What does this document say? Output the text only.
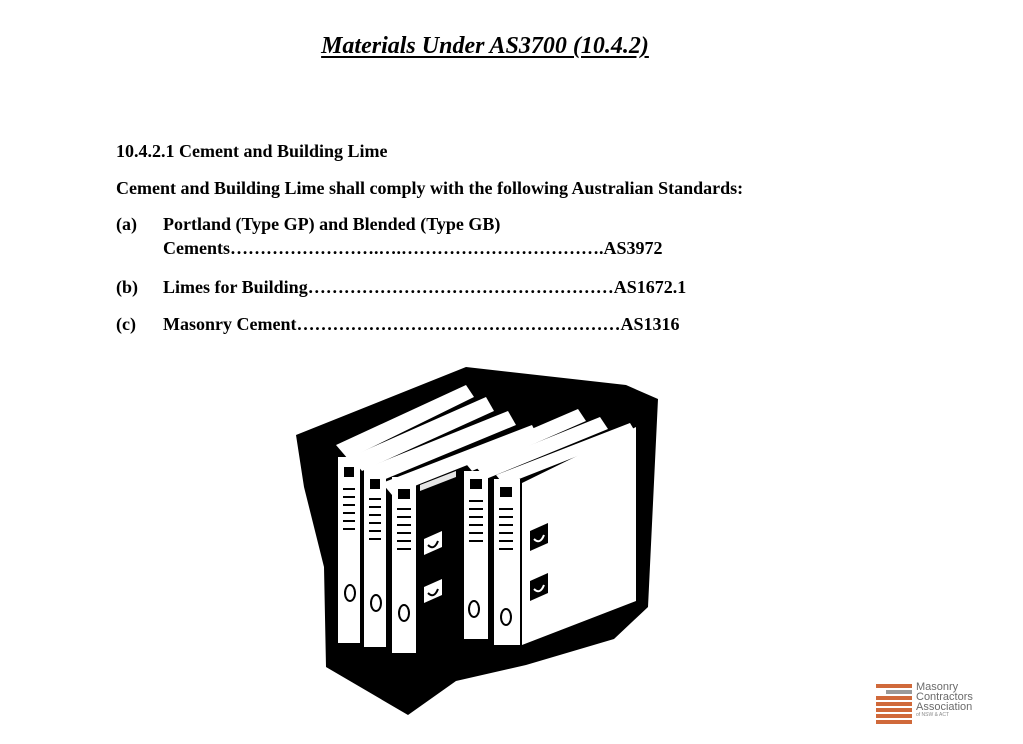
Materials Under AS3700 (10.4.2)
10.4.2.1 Cement and Building Lime
Cement and Building Lime shall comply with the following Australian Standards:
(a) Portland (Type GP) and Blended (Type GB)
Cements…………………….….…………………………….AS3972
(b) Limes for Building……………………………………………AS1672.1
(c) Masonry Cement………………………………………………AS1316
Masonry
Contractors
Association
of NSW & ACT
